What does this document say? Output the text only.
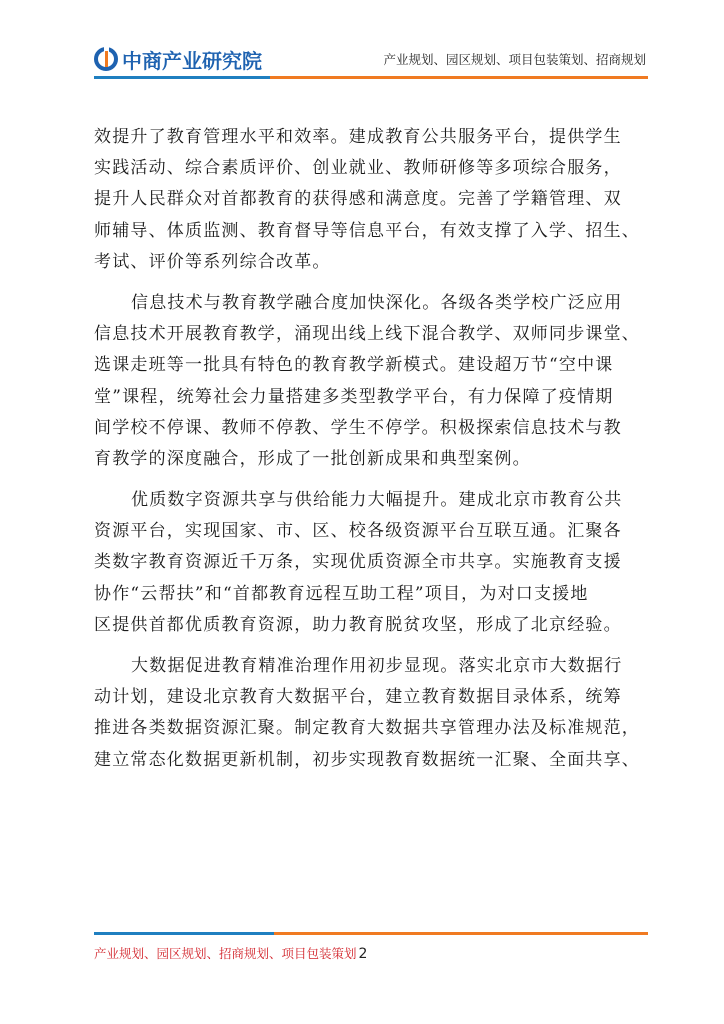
中商产业研究院	产业规划、园区规划、项目包装策划、招商规划

效提升了教育管理水平和效率。建成教育公共服务平台，提供学生
实践活动、综合素质评价、创业就业、教师研修等多项综合服务，
提升人民群众对首都教育的获得感和满意度。完善了学籍管理、双
师辅导、体质监测、教育督导等信息平台，有效支撑了入学、招生、
考试、评价等系列综合改革。

信息技术与教育教学融合度加快深化。各级各类学校广泛应用
信息技术开展教育教学，涌现出线上线下混合教学、双师同步课堂、
选课走班等一批具有特色的教育教学新模式。建设超万节“空中课
堂”课程，统筹社会力量搭建多类型教学平台，有力保障了疫情期
间学校不停课、教师不停教、学生不停学。积极探索信息技术与教
育教学的深度融合，形成了一批创新成果和典型案例。

优质数字资源共享与供给能力大幅提升。建成北京市教育公共
资源平台，实现国家、市、区、校各级资源平台互联互通。汇聚各
类数字教育资源近千万条，实现优质资源全市共享。实施教育支援
协作“云帮扶”和“首都教育远程互助工程”项目，为对口支援地
区提供首都优质教育资源，助力教育脱贫攻坚，形成了北京经验。

大数据促进教育精准治理作用初步显现。落实北京市大数据行
动计划，建设北京教育大数据平台，建立教育数据目录体系，统筹
推进各类数据资源汇聚。制定教育大数据共享管理办法及标准规范，
建立常态化数据更新机制，初步实现教育数据统一汇聚、全面共享、

产业规划、园区规划、招商规划、项目包装策划 2
